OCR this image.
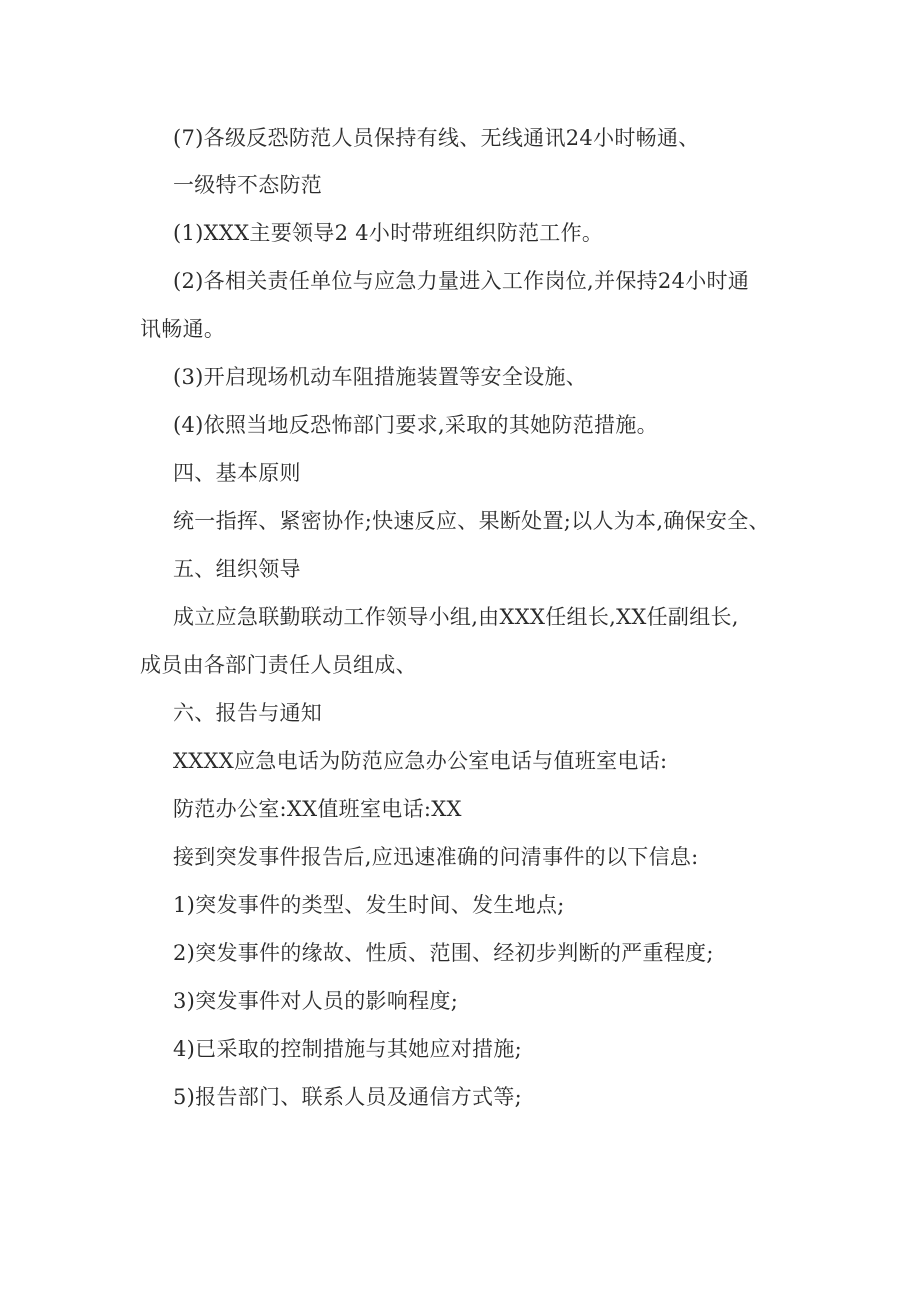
(7)各级反恐防范人员保持有线、无线通讯24小时畅通、
一级特不态防范
(1)XXX主要领导2 4小时带班组织防范工作。
(2)各相关责任单位与应急力量进入工作岗位,并保持24小时通
讯畅通。
(3)开启现场机动车阻措施装置等安全设施、
(4)依照当地反恐怖部门要求,采取的其她防范措施。
四、基本原则
统一指挥、紧密协作;快速反应、果断处置;以人为本,确保安全、
五、组织领导
成立应急联勤联动工作领导小组,由XXX任组长,XX任副组长,
成员由各部门责任人员组成、
六、报告与通知
XXXX应急电话为防范应急办公室电话与值班室电话:
防范办公室:XX值班室电话:XX
接到突发事件报告后,应迅速准确的问清事件的以下信息:
1)突发事件的类型、发生时间、发生地点;
2)突发事件的缘故、性质、范围、经初步判断的严重程度;
3)突发事件对人员的影响程度;
4)已采取的控制措施与其她应对措施;
5)报告部门、联系人员及通信方式等;
